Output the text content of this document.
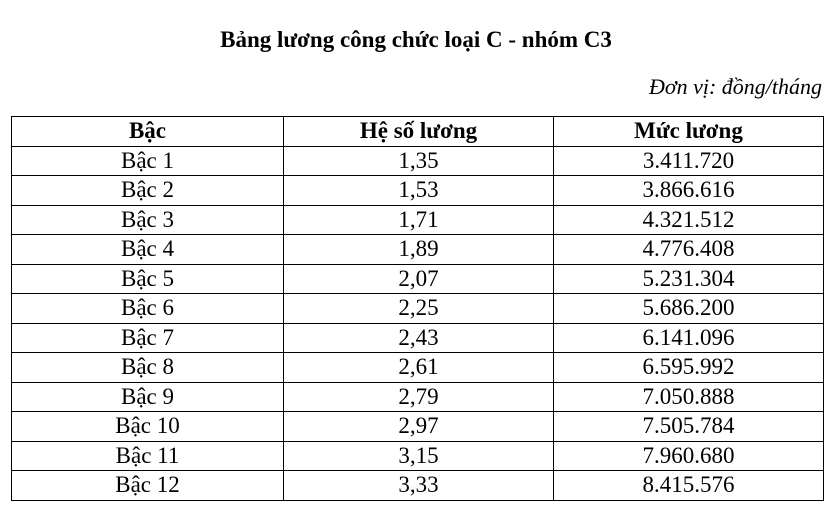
Bảng lương công chức loại C - nhóm C3
Đơn vị: đồng/tháng
Bậc	Hệ số lương	Mức lương
Bậc 1	1,35	3.411.720
Bậc 2	1,53	3.866.616
Bậc 3	1,71	4.321.512
Bậc 4	1,89	4.776.408
Bậc 5	2,07	5.231.304
Bậc 6	2,25	5.686.200
Bậc 7	2,43	6.141.096
Bậc 8	2,61	6.595.992
Bậc 9	2,79	7.050.888
Bậc 10	2,97	7.505.784
Bậc 11	3,15	7.960.680
Bậc 12	3,33	8.415.576
